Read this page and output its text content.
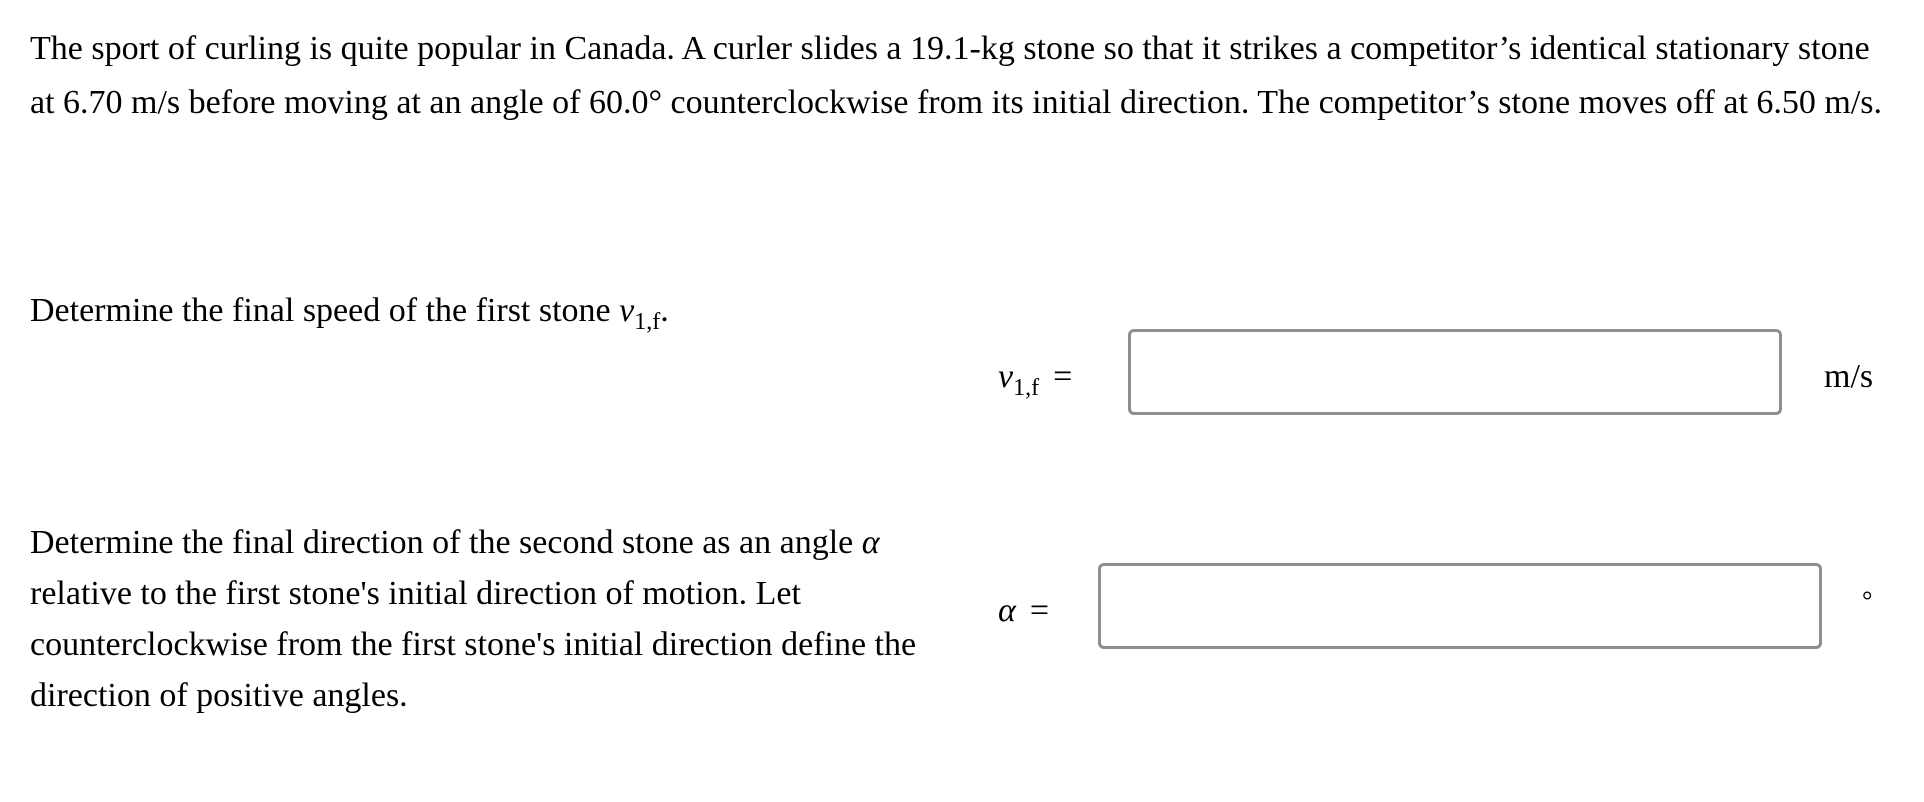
The sport of curling is quite popular in Canada. A curler slides a 19.1-kg stone so that it strikes a competitor’s identical stationary stone at 6.70 m/s before moving at an angle of 60.0° counterclockwise from its initial direction. The competitor’s stone moves off at 6.50 m/s.
Determine the final speed of the first stone $v_{1,f}$.
$v_{1,f}$ =	m/s
Determine the final direction of the second stone as an angle α relative to the first stone's initial direction of motion. Let counterclockwise from the first stone's initial direction define the direction of positive angles.
α =	°
